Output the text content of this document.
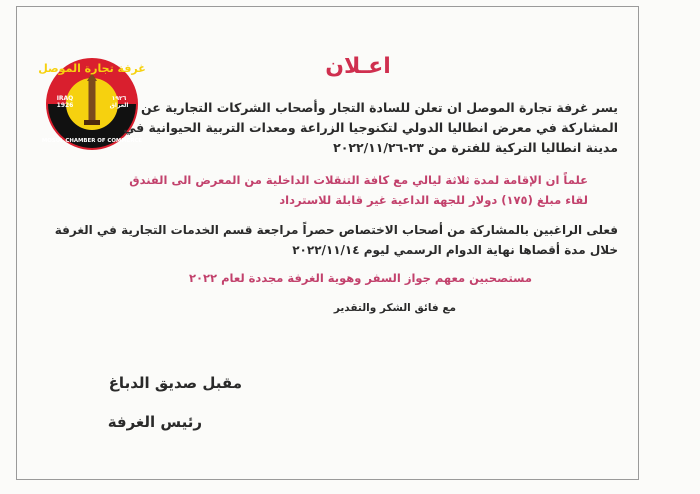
غرفة تجارة الموصل
MOSUL CHAMBER OF COMMERCE
IRAQ
1926
١٩٢٦
العراق
اعـلان
يسر غرفة تجارة الموصل ان تعلن للسادة التجار وأصحاب الشركات التجارية عن
المشاركة في معرض انطاليا الدولي لتكنوجيا الزراعة ومعدات التربية الحيوانية في
مدينة انطاليا التركية للفترة من ٢٣-٢٠٢٢/١١/٢٦
علماً ان الإقامة لمدة ثلاثة ليالي مع كافة التنقلات الداخلية من المعرض الى الفندق
لقاء مبلغ (١٧٥) دولار للجهة الداعية غير قابلة للاسترداد
فعلى الراغبين بالمشاركة من أصحاب الاختصاص حصراً مراجعة قسم الخدمات التجارية في الغرفة
خلال مدة أقصاها نهاية الدوام الرسمي ليوم ٢٠٢٢/١١/١٤
مستصحبين معهم جواز السفر وهوية الغرفة مجددة لعام ٢٠٢٢
مع فائق الشكر والتقدير
مقبل صديق الدباغ
رئيس الغرفة
